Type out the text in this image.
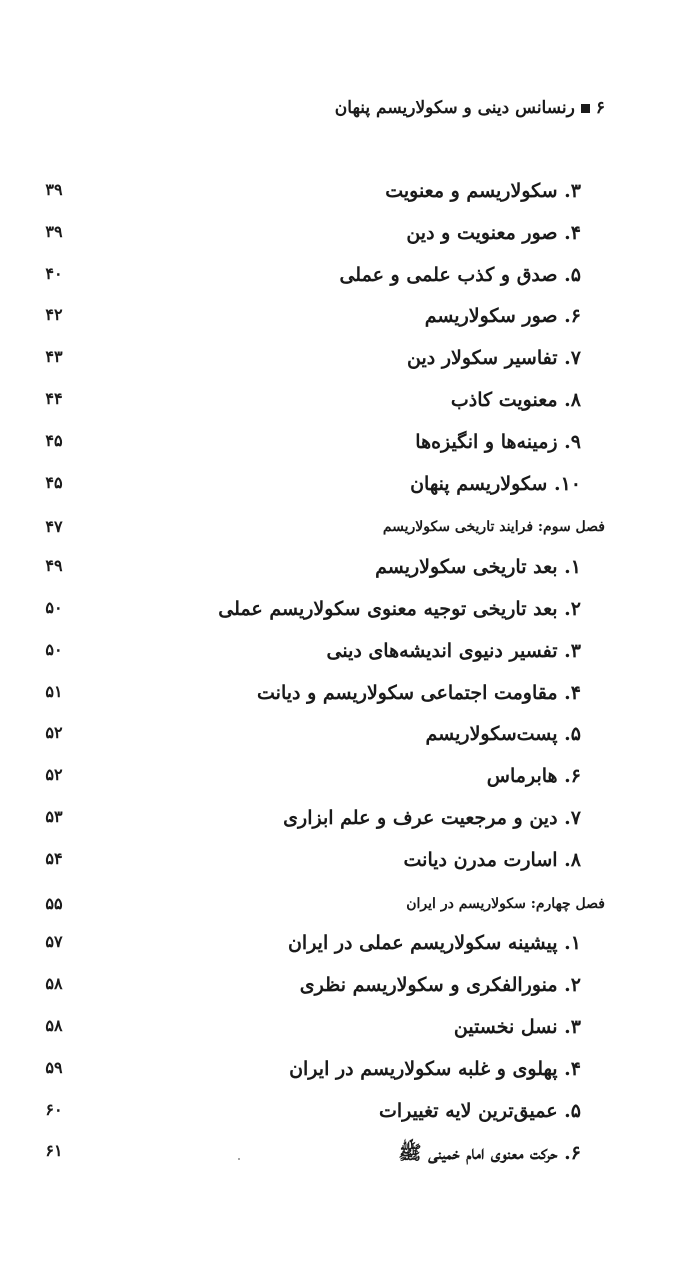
۶
رنسانس دینی و سکولاریسم پنهان
۳. سکولاریسم و معنویت
۳۹
۴. صور معنویت و دین
۳۹
۵. صدق و کذب علمی و عملی
۴۰
۶. صور سکولاریسم
۴۲
۷. تفاسیر سکولار دین
۴۳
۸. معنویت کاذب
۴۴
۹. زمینه‌ها و انگیزه‌ها
۴۵
۱۰. سکولاریسم پنهان
۴۵
فصل سوم: فرایند تاریخی سکولاریسم
۴۷
۱. بعد تاریخی سکولاریسم
۴۹
۲. بعد تاریخی توجیه معنوی سکولاریسم عملی
۵۰
۳. تفسیر دنیوی اندیشه‌های دینی
۵۰
۴. مقاومت اجتماعی سکولاریسم و دیانت
۵۱
۵. پست‌سکولاریسم
۵۲
۶. هابرماس
۵۲
۷. دین و مرجعیت عرف و علم ابزاری
۵۳
۸. اسارت مدرن دیانت
۵۴
فصل چهارم: سکولاریسم در ایران
۵۵
۱. پیشینه سکولاریسم عملی در ایران
۵۷
۲. منورالفکری و سکولاریسم نظری
۵۸
۳. نسل نخستین
۵۸
۴. پهلوی و غلبه سکولاریسم در ایران
۵۹
۵. عمیق‌ترین لایه تغییرات
۶۰
۶. حرکت معنوی امام خمینی ﷺ
۶۱
